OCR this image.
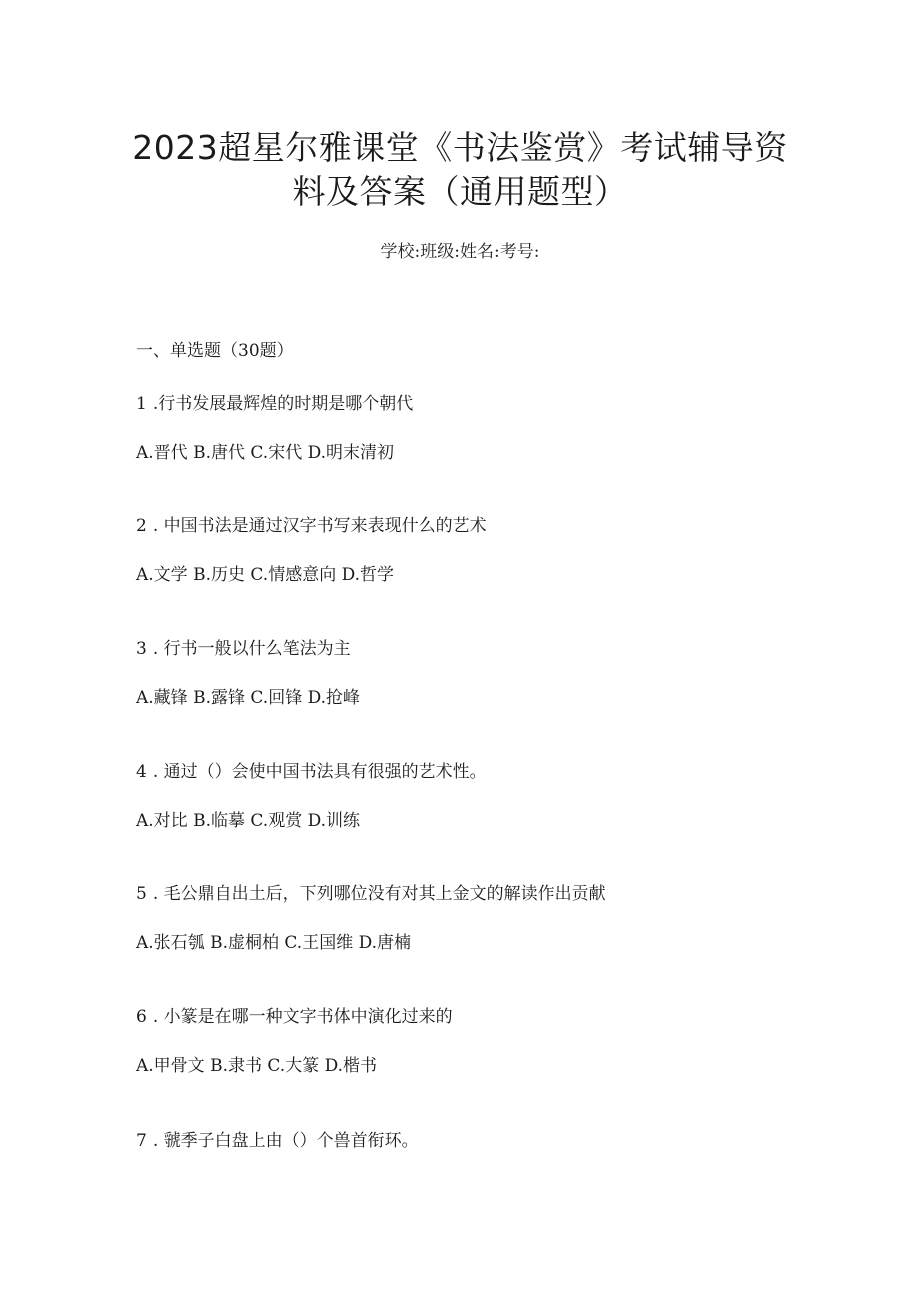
2023超星尔雅课堂《书法鉴赏》考试辅导资
料及答案（通用题型）
学校:班级:姓名:考号:
一、单选题（30题）
1 .行书发展最辉煌的时期是哪个朝代
A.晋代 B.唐代 C.宋代 D.明末清初
2 . 中国书法是通过汉字书写来表现什么的艺术
A.文学 B.历史 C.情感意向 D.哲学
3 . 行书一般以什么笔法为主
A.藏锋 B.露锋 C.回锋 D.抢峰
4 . 通过（）会使中国书法具有很强的艺术性。
A.对比 B.临摹 C.观赏 D.训练
5 . 毛公鼎自出土后，下列哪位没有对其上金文的解读作出贡献
A.张石瓠 B.虚桐柏 C.王国维 D.唐楠
6 . 小篆是在哪一种文字书体中演化过来的
A.甲骨文 B.隶书 C.大篆 D.楷书
7 . 虢季子白盘上由（）个兽首衔环。
